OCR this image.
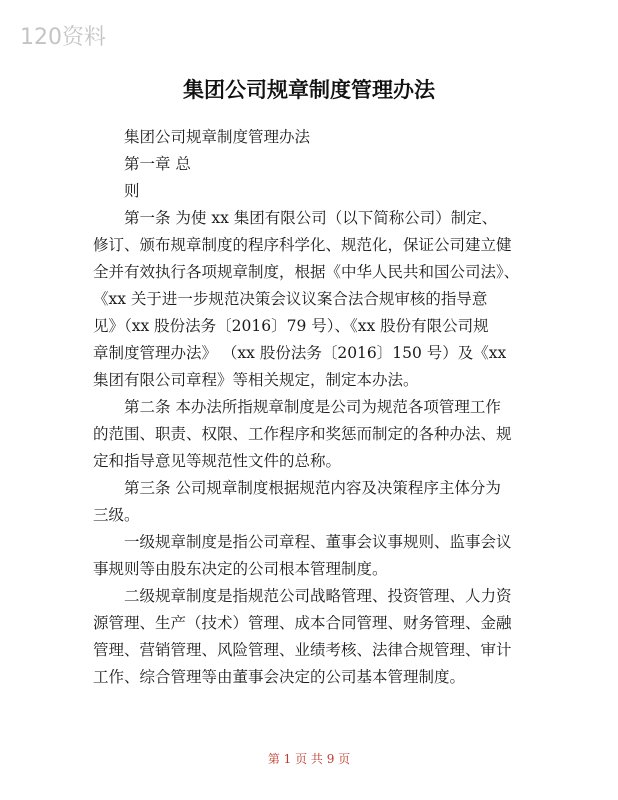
120资料
集团公司规章制度管理办法
集团公司规章制度管理办法
第一章 总
则
第一条 为使 xx 集团有限公司（以下简称公司）制定、
修订、颁布规章制度的程序科学化、规范化，保证公司建立健
全并有效执行各项规章制度，根据《中华人民共和国公司法》、
《xx 关于进一步规范决策会议议案合法合规审核的指导意
见》（xx 股份法务〔2016〕79 号）、《xx 股份有限公司规
章制度管理办法》 （xx 股份法务〔2016〕150 号）及《xx
集团有限公司章程》等相关规定，制定本办法。
第二条 本办法所指规章制度是公司为规范各项管理工作
的范围、职责、权限、工作程序和奖惩而制定的各种办法、规
定和指导意见等规范性文件的总称。
第三条 公司规章制度根据规范内容及决策程序主体分为
三级。
一级规章制度是指公司章程、董事会议事规则、监事会议
事规则等由股东决定的公司根本管理制度。
二级规章制度是指规范公司战略管理、投资管理、人力资
源管理、生产（技术）管理、成本合同管理、财务管理、金融
管理、营销管理、风险管理、业绩考核、法律合规管理、审计
工作、综合管理等由董事会决定的公司基本管理制度。
第 1 页 共 9 页
